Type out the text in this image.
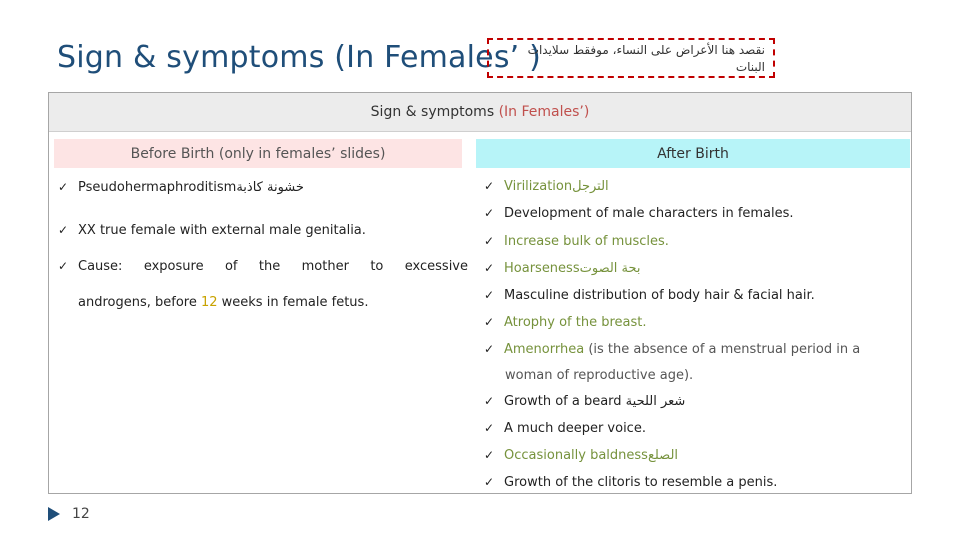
Sign & symptoms (In Females’ )
نقصد هنا الأعراض على النساء، موفقط سلايدات البنات
Sign & symptoms
(In Females’)
Before Birth (only in females’ slides)	After Birth
✓ Pseudohermaphroditismخشونة كاذبة
✓ XX true female with external male genitalia.
✓ Cause: exposure of the mother to excessive
androgens, before 12 weeks in female fetus.
✓ Virilizationالترجل
✓ Development of male characters in females.
✓ Increase bulk of muscles.
✓ Hoarsenessبحة الصوت
✓ Masculine distribution of body hair & facial hair.
✓ Atrophy of the breast.
✓ Amenorrhea (is the absence of a menstrual period in a
woman of reproductive age).
✓ Growth of a beard شعر اللحية
✓ A much deeper voice.
✓ Occasionally baldnessالصلع
✓ Growth of the clitoris to resemble a penis.
12
